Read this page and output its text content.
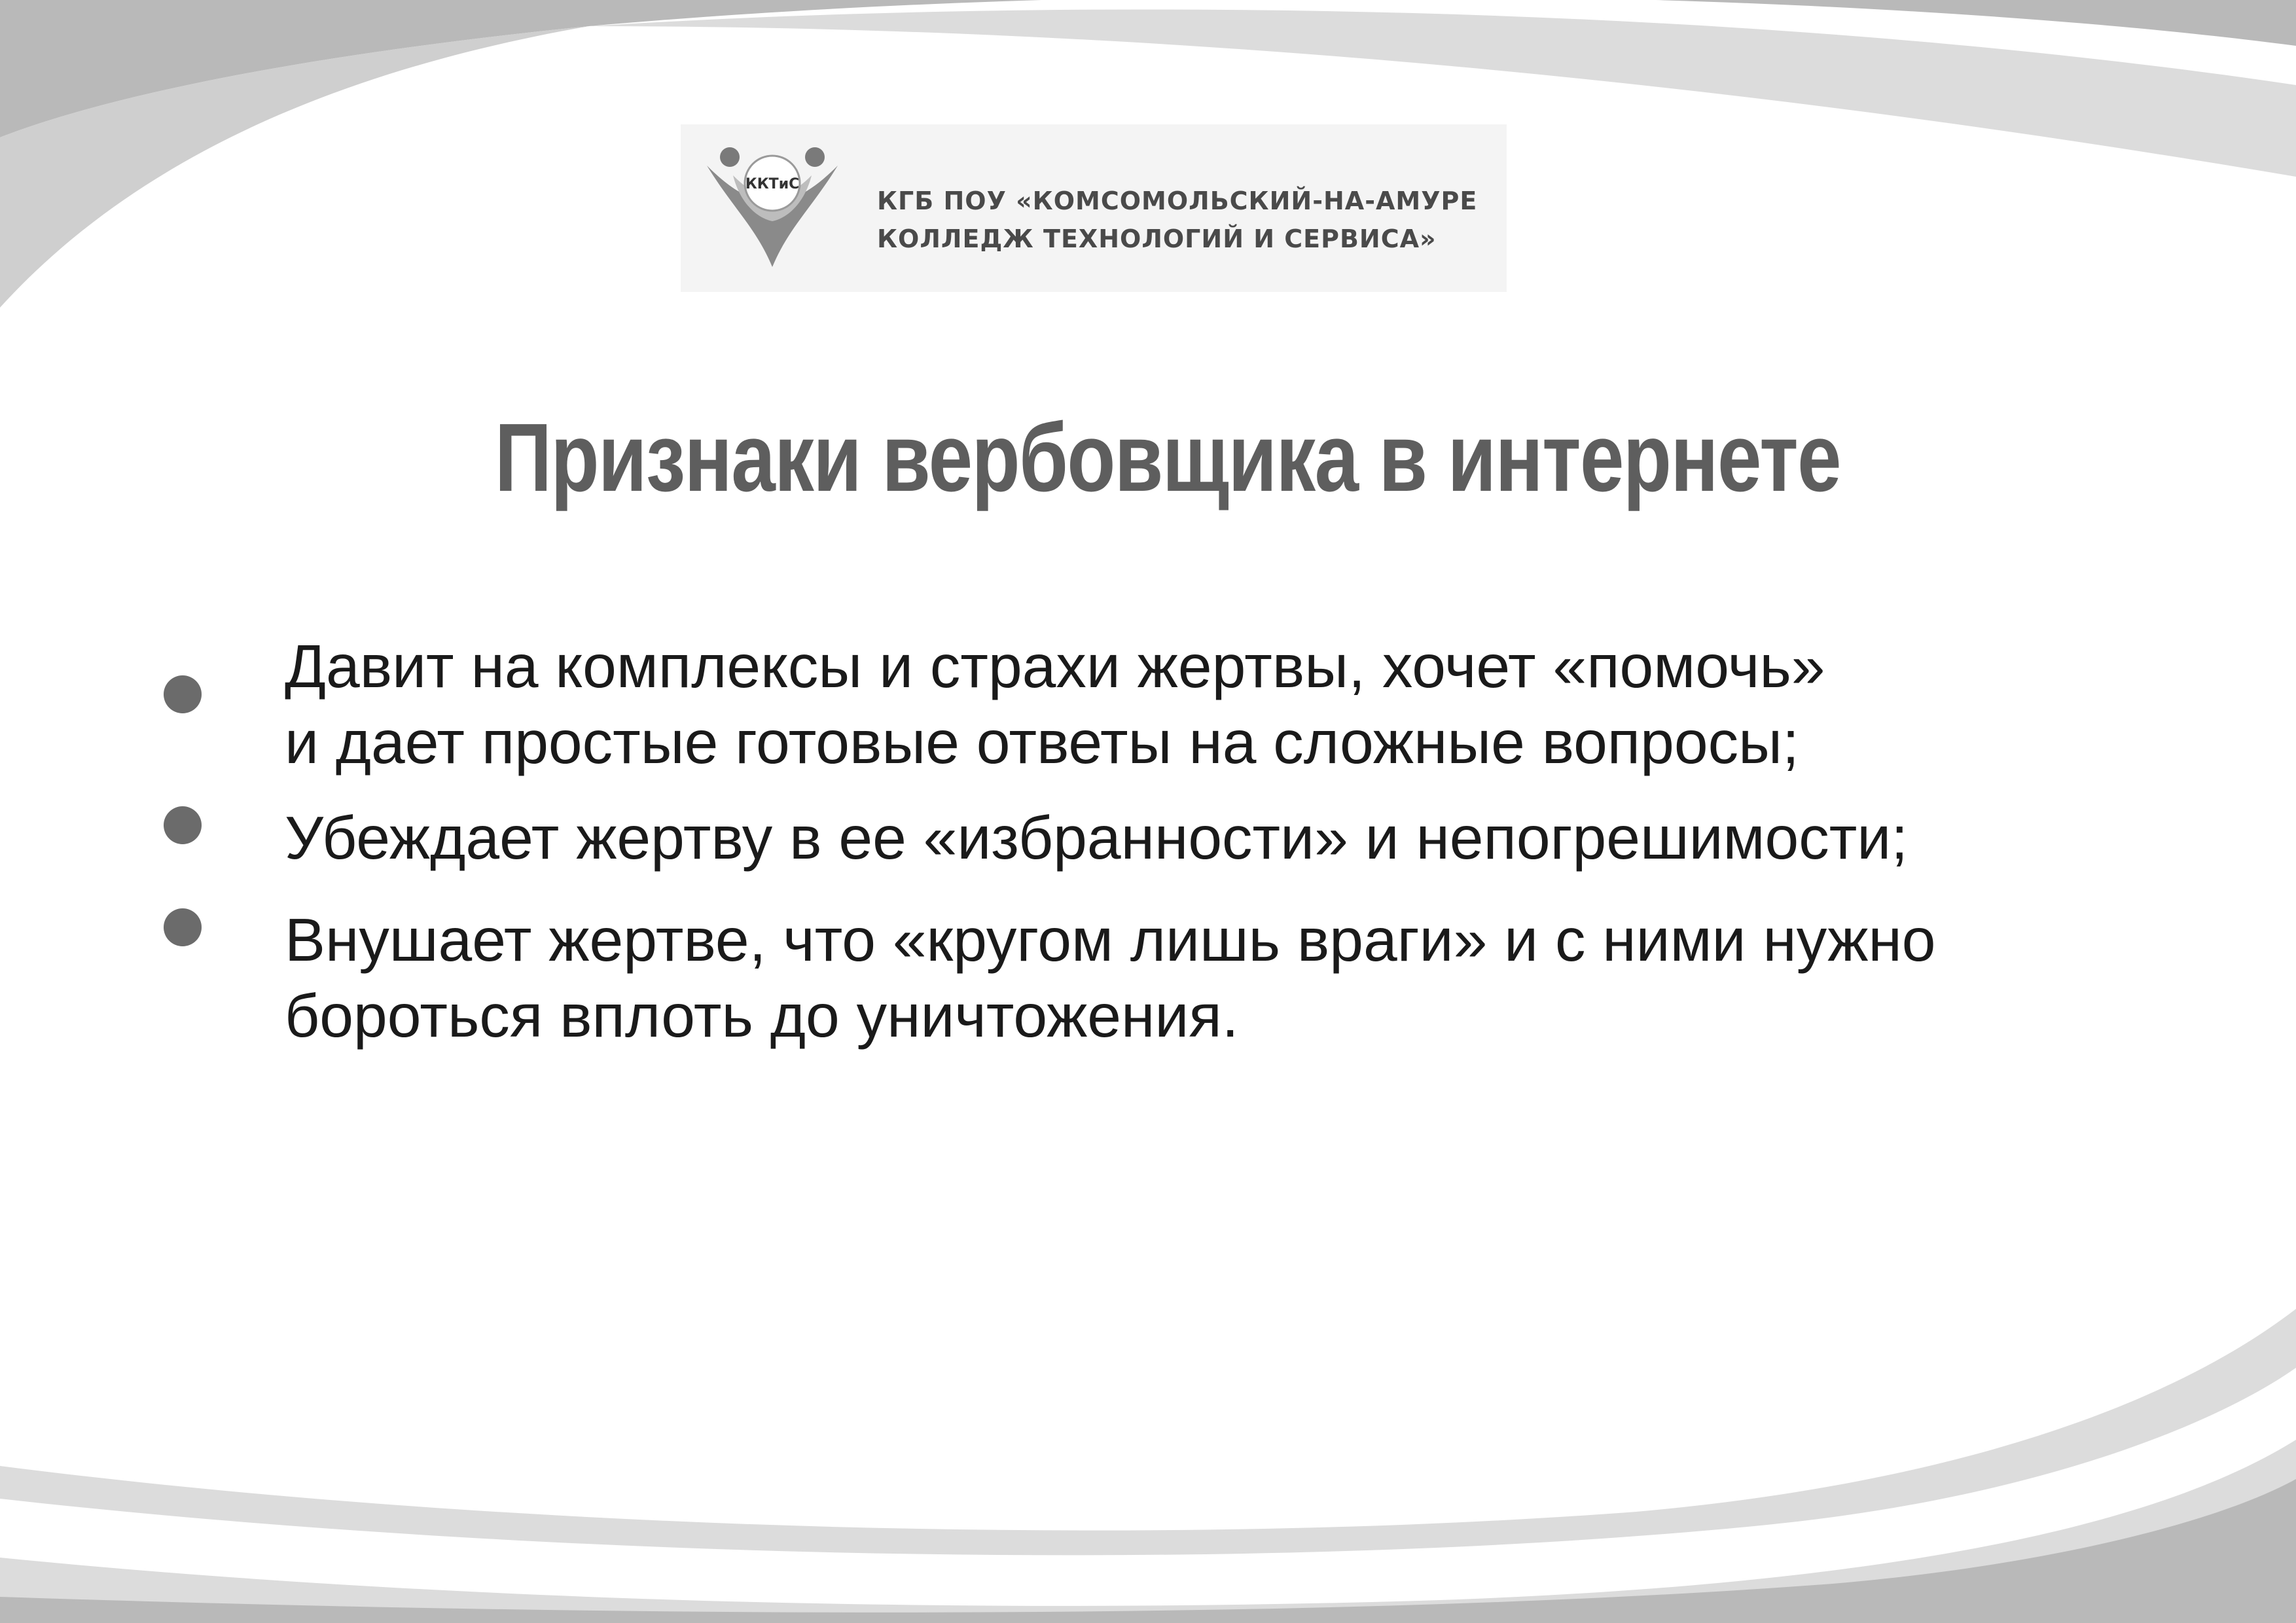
ККТиС
КГБ ПОУ «КОМСОМОЛЬСКИЙ-НА-АМУРЕ
КОЛЛЕДЖ ТЕХНОЛОГИЙ И СЕРВИСА»
Признаки вербовщика в интернете
Давит на комплексы и страхи жертвы, хочет «помочь»
и дает простые готовые ответы на сложные вопросы;
Убеждает жертву в ее «избранности» и непогрешимости;
Внушает жертве, что «кругом лишь враги» и с ними нужно
бороться вплоть до уничтожения.
